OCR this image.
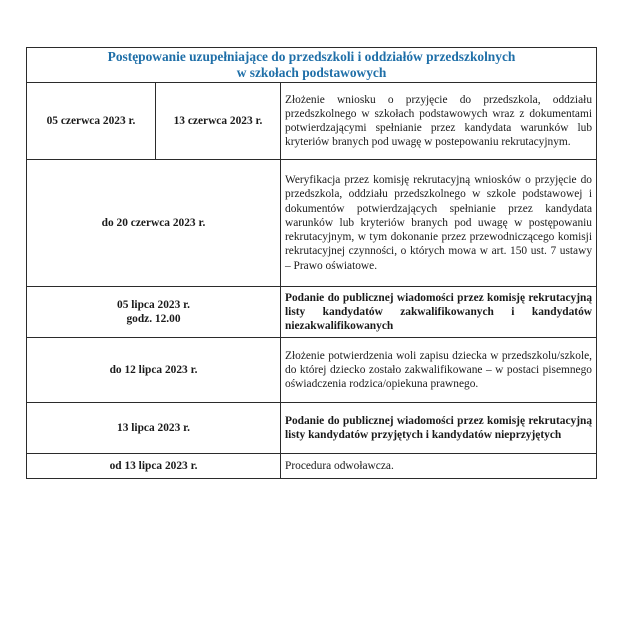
Postępowanie uzupełniające do przedszkoli i oddziałów przedszkolnych
w szkołach podstawowych		

05 czerwca 2023 r.	13 czerwca 2023 r.	Złożenie wniosku o przyjęcie do przedszkola, oddziału przedszkolnego w szkołach podstawowych wraz z dokumentami potwierdzającymi spełnianie przez kandydata warunków lub kryteriów branych pod uwagę w postepowaniu rekrutacyjnym.
do 20 czerwca 2023 r.		Weryfikacja przez komisję rekrutacyjną wniosków o przyjęcie do przedszkola, oddziału przedszkolnego w szkole podstawowej i dokumentów potwierdzających spełnianie przez kandydata warunków lub kryteriów branych pod uwagę w postępowaniu rekrutacyjnym, w tym dokonanie przez przewodniczącego komisji rekrutacyjnej czynności, o których mowa w art. 150 ust. 7 ustawy – Prawo oświatowe.

05 lipca 2023 r.
godz. 12.00		Podanie do publicznej wiadomości przez komisję rekrutacyjną listy kandydatów zakwalifikowanych i kandydatów niezakwalifikowanych
do 12 lipca 2023 r.		Złożenie potwierdzenia woli zapisu dziecka w przedszkolu/szkole, do której dziecko zostało zakwalifikowane – w postaci pisemnego oświadczenia rodzica/opiekuna prawnego.
13 lipca 2023 r.		Podanie do publicznej wiadomości przez komisję rekrutacyjną listy kandydatów przyjętych i kandydatów nieprzyjętych
od 13 lipca 2023 r.		Procedura odwoławcza.
